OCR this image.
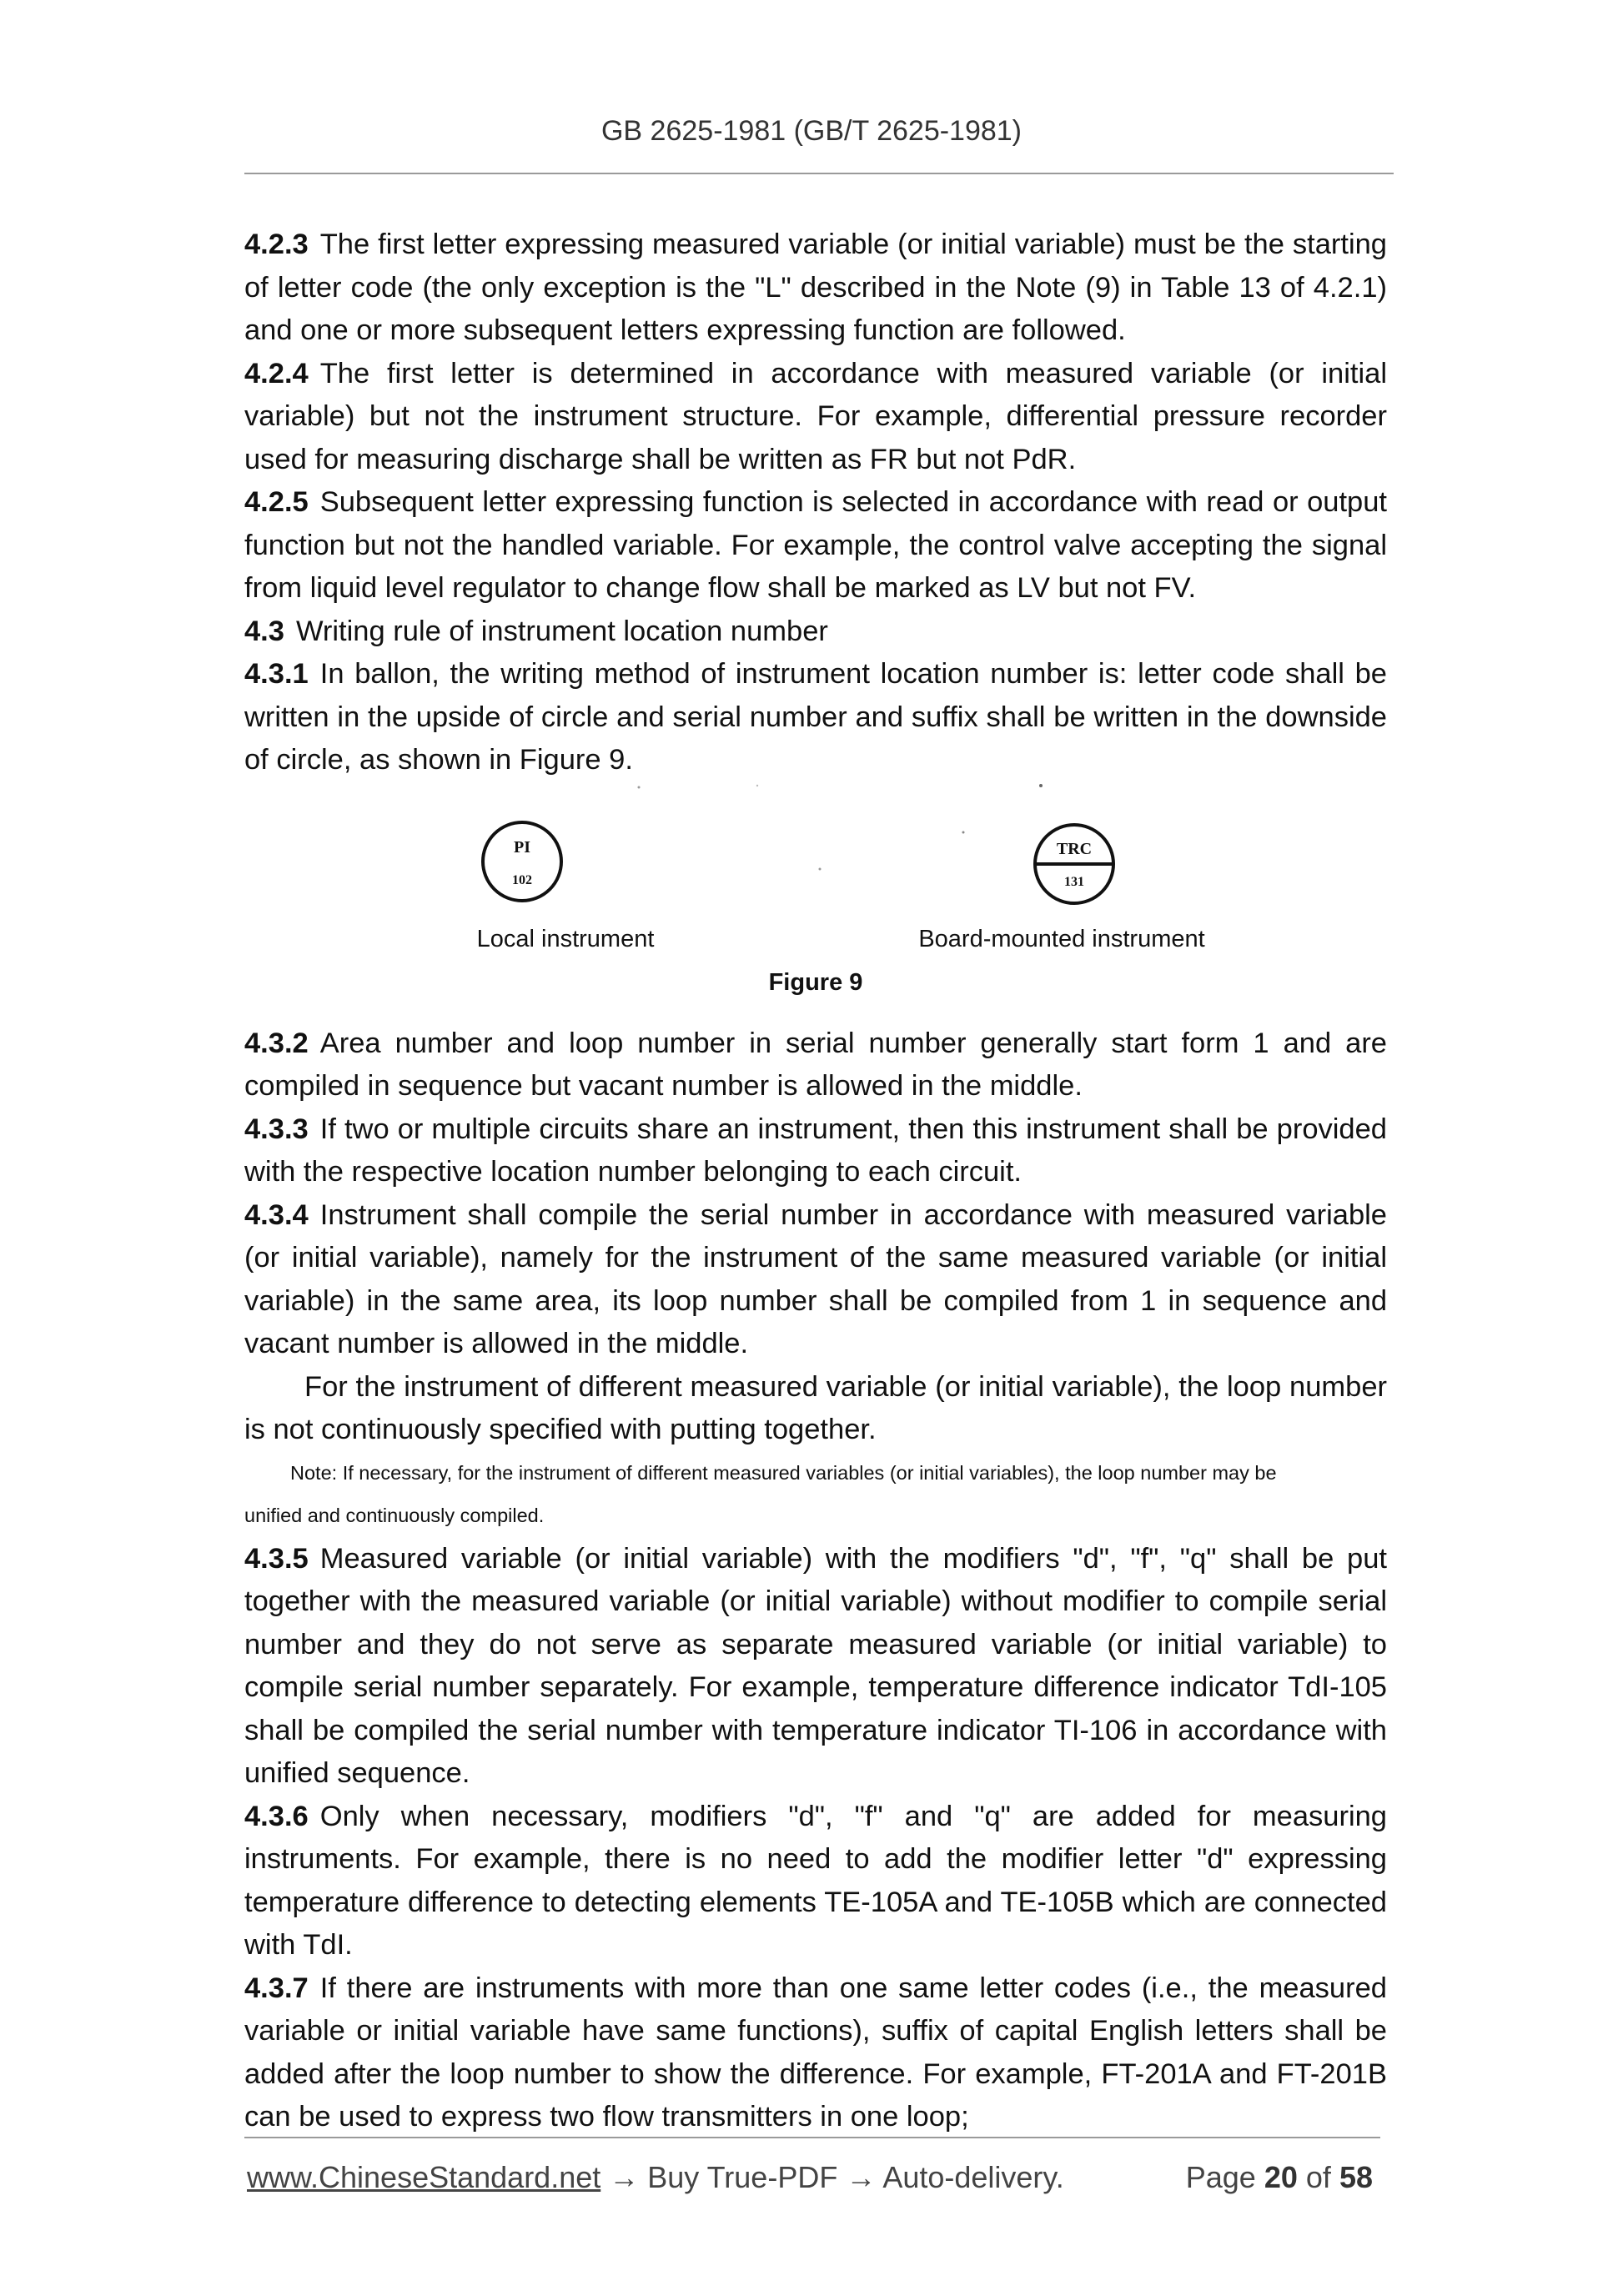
GB 2625-1981 (GB/T 2625-1981)

4.2.3 The first letter expressing measured variable (or initial variable) must be the starting of letter code (the only exception is the "L" described in the Note (9) in Table 13 of 4.2.1) and one or more subsequent letters expressing function are followed.

4.2.4 The first letter is determined in accordance with measured variable (or initial variable) but not the instrument structure. For example, differential pressure recorder used for measuring discharge shall be written as FR but not PdR.

4.2.5 Subsequent letter expressing function is selected in accordance with read or output function but not the handled variable. For example, the control valve accepting the signal from liquid level regulator to change flow shall be marked as LV but not FV.

4.3 Writing rule of instrument location number

4.3.1 In ballon, the writing method of instrument location number is: letter code shall be written in the upside of circle and serial number and suffix shall be written in the downside of circle, as shown in Figure 9.

PI
102
TRC
131
Local instrument	Board-mounted instrument
Figure 9

4.3.2 Area number and loop number in serial number generally start form 1 and are compiled in sequence but vacant number is allowed in the middle.

4.3.3 If two or multiple circuits share an instrument, then this instrument shall be provided with the respective location number belonging to each circuit.

4.3.4 Instrument shall compile the serial number in accordance with measured variable (or initial variable), namely for the instrument of the same measured variable (or initial variable) in the same area, its loop number shall be compiled from 1 in sequence and vacant number is allowed in the middle.

For the instrument of different measured variable (or initial variable), the loop number is not continuously specified with putting together.

Note: If necessary, for the instrument of different measured variables (or initial variables), the loop number may be

unified and continuously compiled.

4.3.5 Measured variable (or initial variable) with the modifiers "d", "f", "q" shall be put together with the measured variable (or initial variable) without modifier to compile serial number and they do not serve as separate measured variable (or initial variable) to compile serial number separately. For example, temperature difference indicator TdI-105 shall be compiled the serial number with temperature indicator TI-106 in accordance with unified sequence.

4.3.6 Only when necessary, modifiers "d", "f" and "q" are added for measuring instruments. For example, there is no need to add the modifier letter "d" expressing temperature difference to detecting elements TE-105A and TE-105B which are connected with TdI.

4.3.7 If there are instruments with more than one same letter codes (i.e., the measured variable or initial variable have same functions), suffix of capital English letters shall be added after the loop number to show the difference. For example, FT-201A and FT-201B can be used to express two flow transmitters in one loop;

www.ChineseStandard.net → Buy True-PDF → Auto-delivery.	Page 20 of 58
